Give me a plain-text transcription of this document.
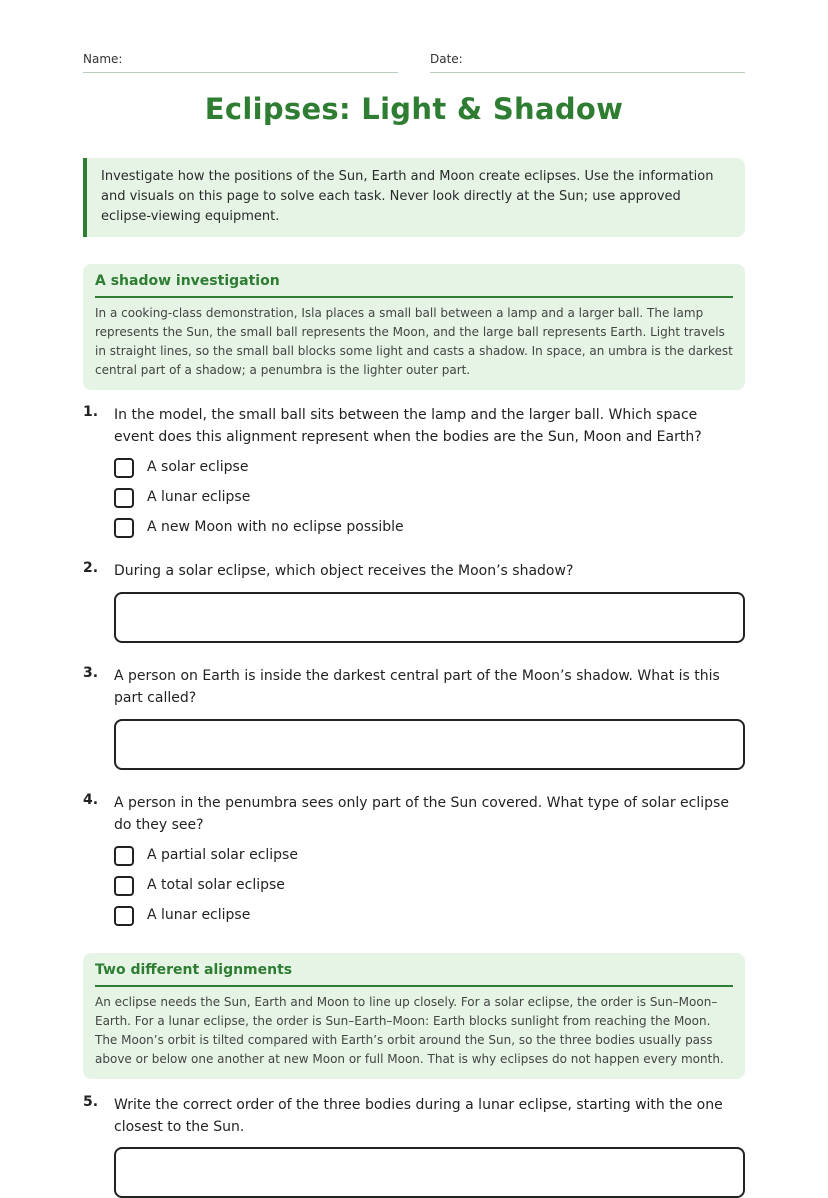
Name:	Date:
Eclipses: Light & Shadow
Investigate how the positions of the Sun, Earth and Moon create eclipses. Use the information and visuals on this page to solve each task. Never look directly at the Sun; use approved eclipse-viewing equipment.
A shadow investigation

In a cooking-class demonstration, Isla places a small ball between a lamp and a larger ball. The lamp represents the Sun, the small ball represents the Moon, and the large ball represents Earth. Light travels in straight lines, so the small ball blocks some light and casts a shadow. In space, an umbra is the darkest central part of a shadow; a penumbra is the lighter outer part.

1. In the model, the small ball sits between the lamp and the larger ball. Which space event does this alignment represent when the bodies are the Sun, Moon and Earth?
A solar eclipse
A lunar eclipse
A new Moon with no eclipse possible
2. During a solar eclipse, which object receives the Moon’s shadow?
3. A person on Earth is inside the darkest central part of the Moon’s shadow. What is this part called?
4. A person in the penumbra sees only part of the Sun covered. What type of solar eclipse do they see?
A partial solar eclipse
A total solar eclipse
A lunar eclipse
Two different alignments

An eclipse needs the Sun, Earth and Moon to line up closely. For a solar eclipse, the order is Sun–Moon–Earth. For a lunar eclipse, the order is Sun–Earth–Moon: Earth blocks sunlight from reaching the Moon. The Moon’s orbit is tilted compared with Earth’s orbit around the Sun, so the three bodies usually pass above or below one another at new Moon or full Moon. That is why eclipses do not happen every month.

5. Write the correct order of the three bodies during a lunar eclipse, starting with the one closest to the Sun.
